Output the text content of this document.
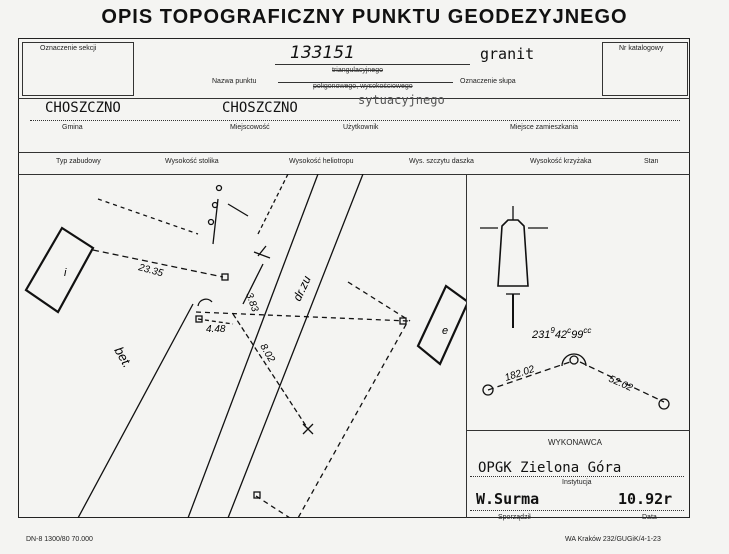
OPIS TOPOGRAFICZNY PUNKTU GEODEZYJNEGO
Oznaczenie sekcji	Nr katalogowy
133151	granit
triangulacyjnego
Nazwa punktu
poligonowego, wysokościowego
Oznaczenie słupa
CHOSZCZNO	CHOSZCZNO	sytuacyjnego
Gmina	Miejscowość	Użytkownik	Miejsce zamieszkania
Typ zabudowy	Wysokość stolika	Wysokość heliotropu	Wys. szczytu daszka	Wysokość krzyżaka	Stan
i
e
23.35
4.48
3.83
8.02
bet.
dr.zu
$231^942^c99^{cc}$
182.02	52.02
WYKONAWCA
OPGK Zielona Góra
Instytucja
W.Surma	10.92r
Sporządził	Data
DN-8 1300/80 70.000	WA Kraków 232/GUGiK/4-1-23
